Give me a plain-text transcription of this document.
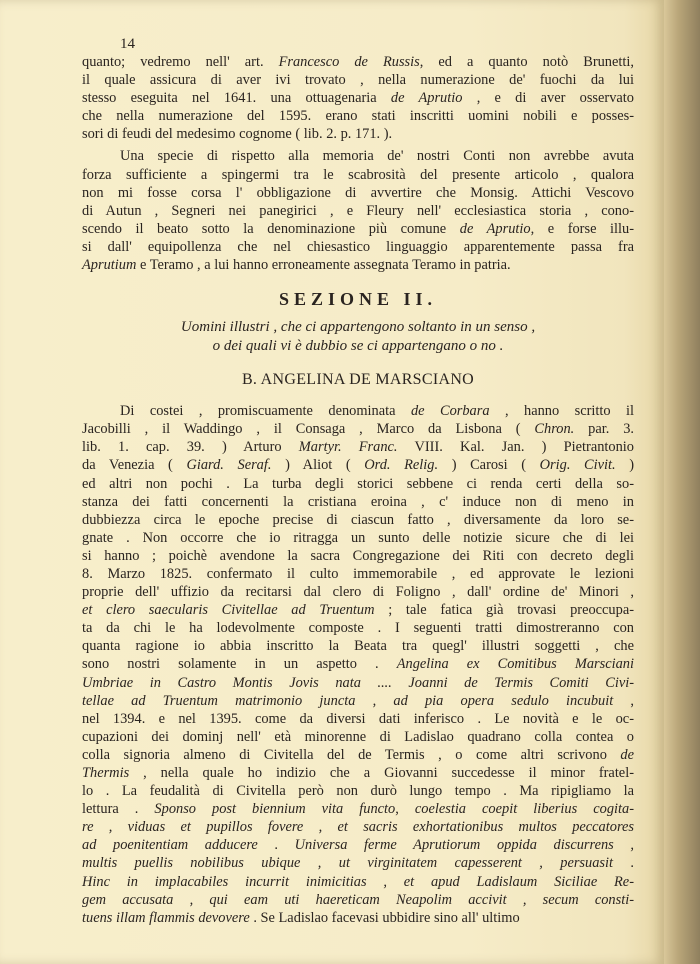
14
quanto; vedremo nell' art. Francesco de Russis, ed a quanto notò Brunetti,
il quale assicura di aver ivi trovato , nella numerazione de' fuochi da lui
stesso eseguita nel 1641. una ottuagenaria de Aprutio , e di aver osservato
che nella numerazione del 1595. erano stati inscritti uomini nobili e posses-
sori di feudi del medesimo cognome ( lib. 2. p. 171. ).
Una specie di rispetto alla memoria de' nostri Conti non avrebbe avuta
forza sufficiente a spingermi tra le scabrosità del presente articolo , qualora
non mi fosse corsa l' obbligazione di avvertire che Monsig. Attichi Vescovo
di Autun , Segneri nei panegirici , e Fleury nell' ecclesiastica storia , cono-
scendo il beato sotto la denominazione più comune de Aprutio, e forse illu-
si dall' equipollenza che nel chiesastico linguaggio apparentemente passa fra
Aprutium e Teramo , a lui hanno erroneamente assegnata Teramo in patria.
SEZIONE II.
Uomini illustri , che ci appartengono soltanto in un senso ,
o dei quali vi è dubbio se ci appartengano o no .
B. ANGELINA DE MARSCIANO
Di costei , promiscuamente denominata de Corbara , hanno scritto il
Jacobilli , il Waddingo , il Consaga , Marco da Lisbona ( Chron. par. 3.
lib. 1. cap. 39. ) Arturo Martyr. Franc. VIII. Kal. Jan. ) Pietrantonio
da Venezia ( Giard. Seraf. ) Aliot ( Ord. Relig. ) Carosi ( Orig. Civit. )
ed altri non pochi . La turba degli storici sebbene ci renda certi della so-
stanza dei fatti concernenti la cristiana eroina , c' induce non di meno in
dubbiezza circa le epoche precise di ciascun fatto , diversamente da loro se-
gnate . Non occorre che io ritragga un sunto delle notizie sicure che di lei
si hanno ; poichè avendone la sacra Congregazione dei Riti con decreto degli
8. Marzo 1825. confermato il culto immemorabile , ed approvate le lezioni
proprie dell' uffizio da recitarsi dal clero di Foligno , dall' ordine de' Minori ,
et clero saecularis Civitellae ad Truentum ; tale fatica già trovasi preoccupa-
ta da chi le ha lodevolmente composte . I seguenti tratti dimostreranno con
quanta ragione io abbia inscritto la Beata tra quegl' illustri soggetti , che
sono nostri solamente in un aspetto . Angelina ex Comitibus Marsciani
Umbriae in Castro Montis Jovis nata .... Joanni de Termis Comiti Civi-
tellae ad Truentum matrimonio juncta , ad pia opera sedulo incubuit ,
nel 1394. e nel 1395. come da diversi dati inferisco . Le novità e le oc-
cupazioni dei dominj nell' età minorenne di Ladislao quadrano colla contea o
colla signoria almeno di Civitella del de Termis , o come altri scrivono de
Thermis , nella quale ho indizio che a Giovanni succedesse il minor fratel-
lo . La feudalità di Civitella però non durò lungo tempo . Ma ripigliamo la
lettura . Sponso post biennium vita functo, coelestia coepit liberius cogita-
re , viduas et pupillos fovere , et sacris exhortationibus multos peccatores
ad poenitentiam adducere . Universa ferme Aprutiorum oppida discurrens ,
multis puellis nobilibus ubique , ut virginitatem capesserent , persuasit .
Hinc in implacabiles incurrit inimicitias , et apud Ladislaum Siciliae Re-
gem accusata , qui eam uti haereticam Neapolim accivit , secum consti-
tuens illam flammis devovere . Se Ladislao facevasi ubbidire sino all' ultimo
